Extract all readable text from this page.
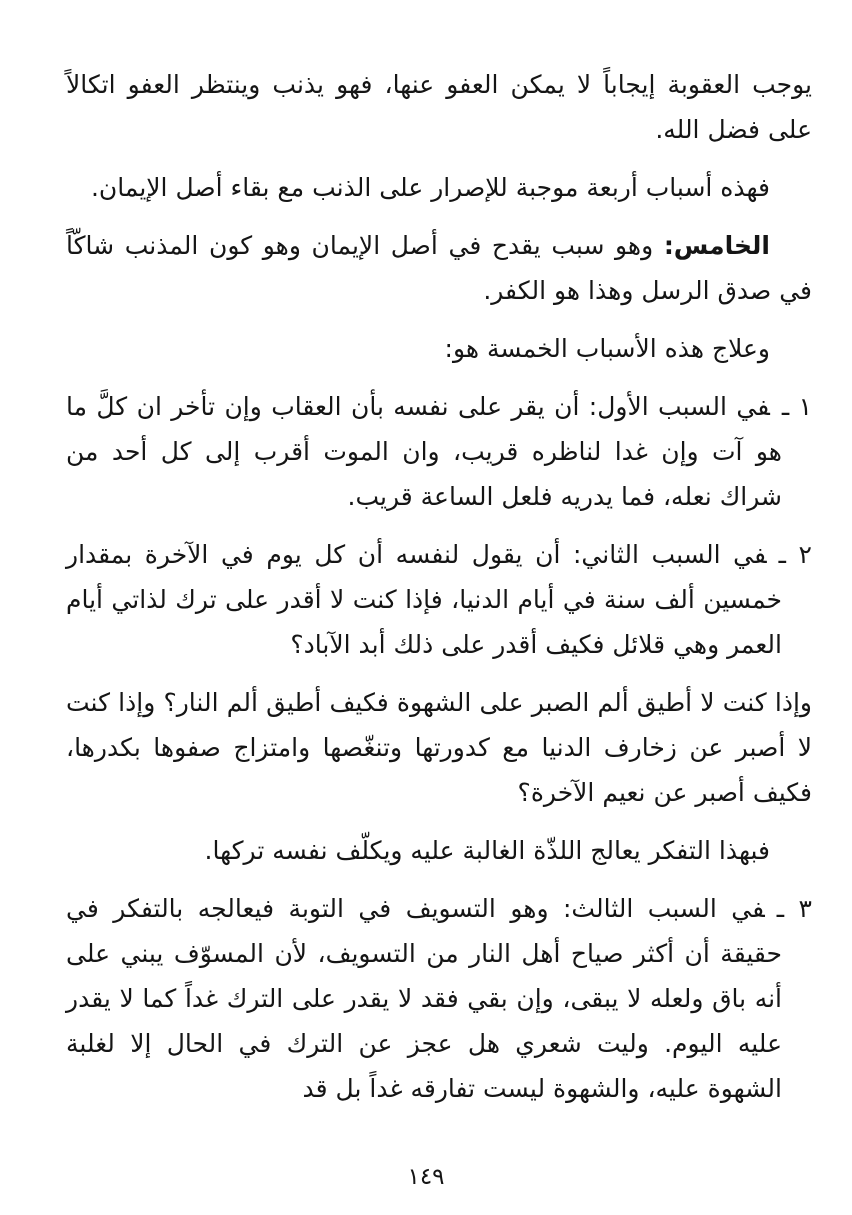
يوجب العقوبة إيجاباً لا يمكن العفو عنها، فهو يذنب وينتظر العفو اتكالاً على فضل الله.

فهذه أسباب أربعة موجبة للإصرار على الذنب مع بقاء أصل الإيمان.

الخامس: وهو سبب يقدح في أصل الإيمان وهو كون المذنب شاكّاً في صدق الرسل وهذا هو الكفر.

وعلاج هذه الأسباب الخمسة هو:

١ ـفي السبب الأول: أن يقر على نفسه بأن العقاب وإن تأخر ان كلَّ ما هو آت وإن غدا لناظره قريب، وان الموت أقرب إلى كل أحد من شراك نعله، فما يدريه فلعل الساعة قريب.
٢ ـفي السبب الثاني: أن يقول لنفسه أن كل يوم في الآخرة بمقدار خمسين ألف سنة في أيام الدنيا، فإذا كنت لا أقدر على ترك لذاتي أيام العمر وهي قلائل فكيف أقدر على ذلك أبد الآباد؟

وإذا كنت لا أطيق ألم الصبر على الشهوة فكيف أطيق ألم النار؟ وإذا كنت لا أصبر عن زخارف الدنيا مع كدورتها وتنغّصها وامتزاج صفوها بكدرها، فكيف أصبر عن نعيم الآخرة؟

فبهذا التفكر يعالج اللذّة الغالبة عليه ويكلّف نفسه تركها.

٣ ـفي السبب الثالث: وهو التسويف في التوبة فيعالجه بالتفكر في حقيقة أن أكثر صياح أهل النار من التسويف، لأن المسوّف يبني على أنه باق ولعله لا يبقى، وإن بقي فقد لا يقدر على الترك غداً كما لا يقدر عليه اليوم. وليت شعري هل عجز عن الترك في الحال إلا لغلبة الشهوة عليه، والشهوة ليست تفارقه غداً بل قد
١٤٩
